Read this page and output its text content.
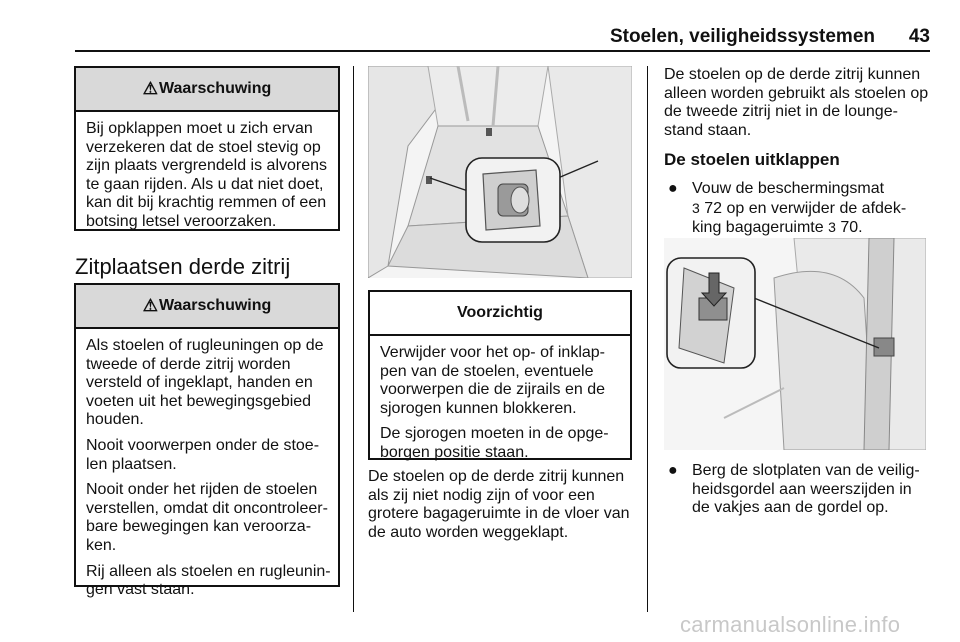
Stoelen, veiligheidssystemen	43
⚠ Waarschuwing

Bij opklappen moet u zich ervan verzekeren dat de stoel stevig op zijn plaats vergrendeld is alvorens te gaan rijden. Als u dat niet doet, kan dit bij krachtig remmen of een botsing letsel veroorzaken.

Zitplaatsen derde zitrij
⚠ Waarschuwing

Als stoelen of rugleuningen op de tweede of derde zitrij worden versteld of ingeklapt, handen en voeten uit het bewegingsgebied houden.

Nooit voorwerpen onder de stoe-len plaatsen.

Nooit onder het rijden de stoelen verstellen, omdat dit oncontroleer-bare bewegingen kan veroorza-ken.

Rij alleen als stoelen en rugleunin-gen vast staan.

Voorzichtig

Verwijder voor het op- of inklap-pen van de stoelen, eventuele voorwerpen die de zijrails en de sjorogen kunnen blokkeren.

De sjorogen moeten in de opge-borgen positie staan.

De stoelen op de derde zitrij kunnen als zij niet nodig zijn of voor een grotere bagageruimte in de vloer van de auto worden weggeklapt.

De stoelen op de derde zitrij kunnen alleen worden gebruikt als stoelen op de tweede zitrij niet in de lounge-stand staan.

De stoelen uitklappen
● Vouw de beschermingsmat
3 72 op en verwijder de afdek-
king bagageruimte 3 70.
● Berg de slotplaten van de veilig-heidsgordel aan weerszijden in de vakjes aan de gordel op.
carmanualsonline.info
